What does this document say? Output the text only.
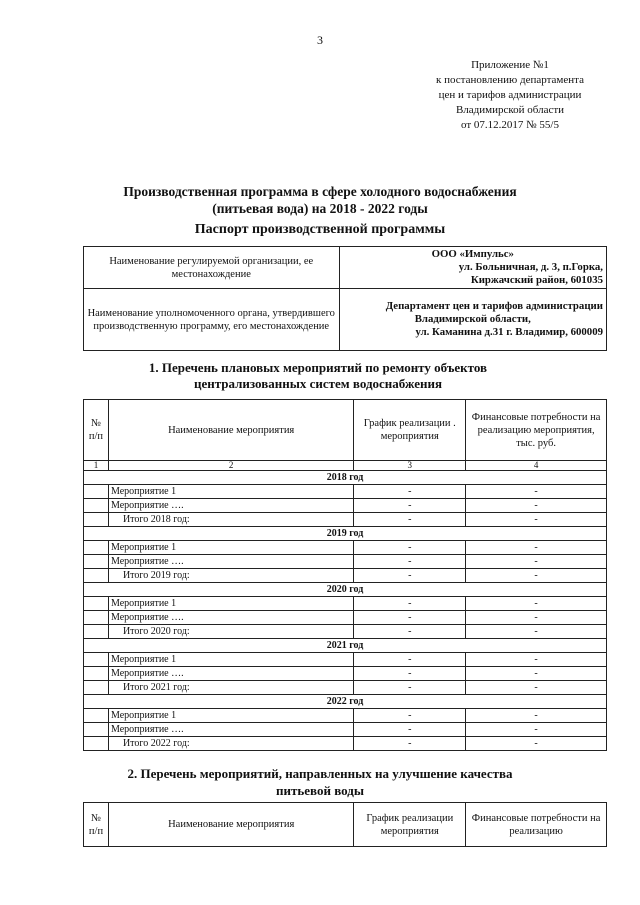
3
Приложение №1
к постановлению департамента
цен и тарифов администрации
Владимирской области
от 07.12.2017 № 55/5
Производственная программа в сфере холодного водоснабжения
(питьевая вода) на 2018 - 2022 годы
Паспорт производственной программы
Наименование регулируемой организации, ее местонахождение	ООО «Импульс»
ул. Больничная, д. 3, п.Горка,
Киржачский район, 601035

Наименование уполномоченного органа, утвердившего производственную программу, его местонахождение	Департамент цен и тарифов администрации
Владимирской области,
ул. Каманина д.31 г. Владимир, 600009
1. Перечень плановых мероприятий по ремонту объектов
централизованных систем водоснабжения
№ п/п	Наименование мероприятия	График реализации . мероприятия	Финансовые потребности на реализацию мероприятия, тыс. руб.
1	2	3	4
2018 год			
	Мероприятие 1	-	-
	Мероприятие ….	-	-
	Итого 2018 год:	-	-
2019 год			
	Мероприятие 1	-	-
	Мероприятие ….	-	-
	Итого 2019 год:	-	-
2020 год			
	Мероприятие 1	-	-
	Мероприятие ….	-	-
	Итого 2020 год:	-	-
2021 год			
	Мероприятие 1	-	-
	Мероприятие ….	-	-
	Итого 2021 год:	-	-
2022 год			
	Мероприятие 1	-	-
	Мероприятие ….	-	-
	Итого 2022 год:	-	-
2. Перечень мероприятий, направленных на улучшение качества
питьевой воды
№ п/п	Наименование мероприятия	График реализации мероприятия	Финансовые потребности на реализацию
